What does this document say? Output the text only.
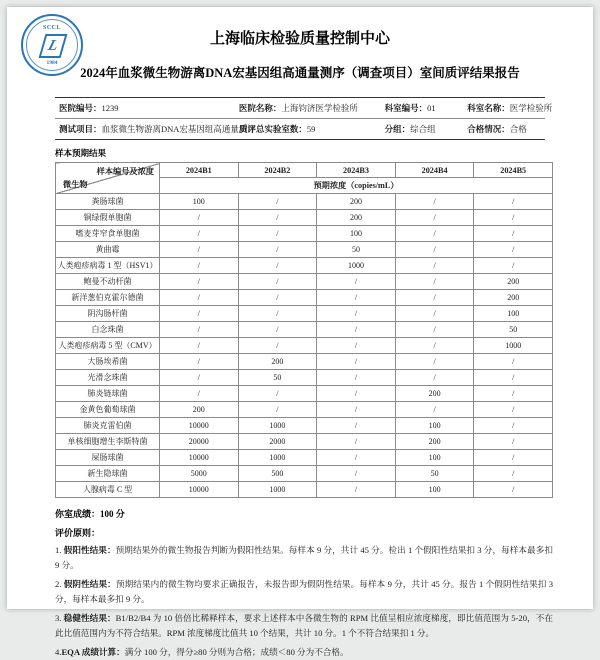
SCCL
L
1984
上海临床检验质量控制中心
2024年血浆微生物游离DNA宏基因组高通量测序（调查项目）室间质评结果报告
医院编号：1239	医院名称：上海钧济医学检验所	科室编号：01	科室名称：医学检验所
测试项目：血浆微生物游离DNA宏基因组高通量测序
质评总实验室数：59	分组：综合组	合格情况：合格
样本预期结果
样本编号及浓度
微生物	2024B1	2024B2	2024B3	2024B4	2024B5
	预期浓度（copies/mL）				
粪肠球菌	100	/	200	/	/
铜绿假单胞菌	/	/	200	/	/
嗜麦芽窄食单胞菌	/	/	100	/	/
黄曲霉	/	/	50	/	/
人类疱疹病毒 1 型（HSV1）	/	/	1000	/	/
鲍曼不动杆菌	/	/	/	/	200
新洋葱伯克霍尔德菌	/	/	/	/	200
阴沟肠杆菌	/	/	/	/	100
白念珠菌	/	/	/	/	50
人类疱疹病毒 5 型（CMV）	/	/	/	/	1000
大肠埃希菌	/	200	/	/	/
光滑念珠菌	/	50	/	/	/
肺炎链球菌	/	/	/	200	/
金黄色葡萄球菌	200	/	/	/	/
肺炎克雷伯菌	10000	1000	/	100	/
单核细胞增生李斯特菌	20000	2000	/	200	/
屎肠球菌	10000	1000	/	100	/
新生隐球菌	5000	500	/	50	/
人腺病毒 C 型	10000	1000	/	100	/
你室成绩：100 分
评价原则：
1. 假阳性结果：预期结果外的微生物报告判断为假阳性结果。每样本 9 分，共计 45 分。检出 1 个假阳性结果扣 3 分，每样本最多扣 9 分。
2. 假阴性结果：预期结果内的微生物均要求正确报告，未报告即为假阴性结果。每样本 9 分，共计 45 分。报告 1 个假阴性结果扣 3 分，每样本最多扣 9 分。
3. 稳健性结果：B1/B2/B4 为 10 倍倍比稀释样本，要求上述样本中各微生物的 RPM 比值呈相应浓度梯度，即比值范围为 5-20，不在此比值范围内为不符合结果。RPM 浓度梯度比值共 10 个结果，共计 10 分。1 个不符合结果扣 1 分。
4.EQA 成绩计算：满分 100 分，得分≥80 分则为合格；成绩＜80 分为不合格。
